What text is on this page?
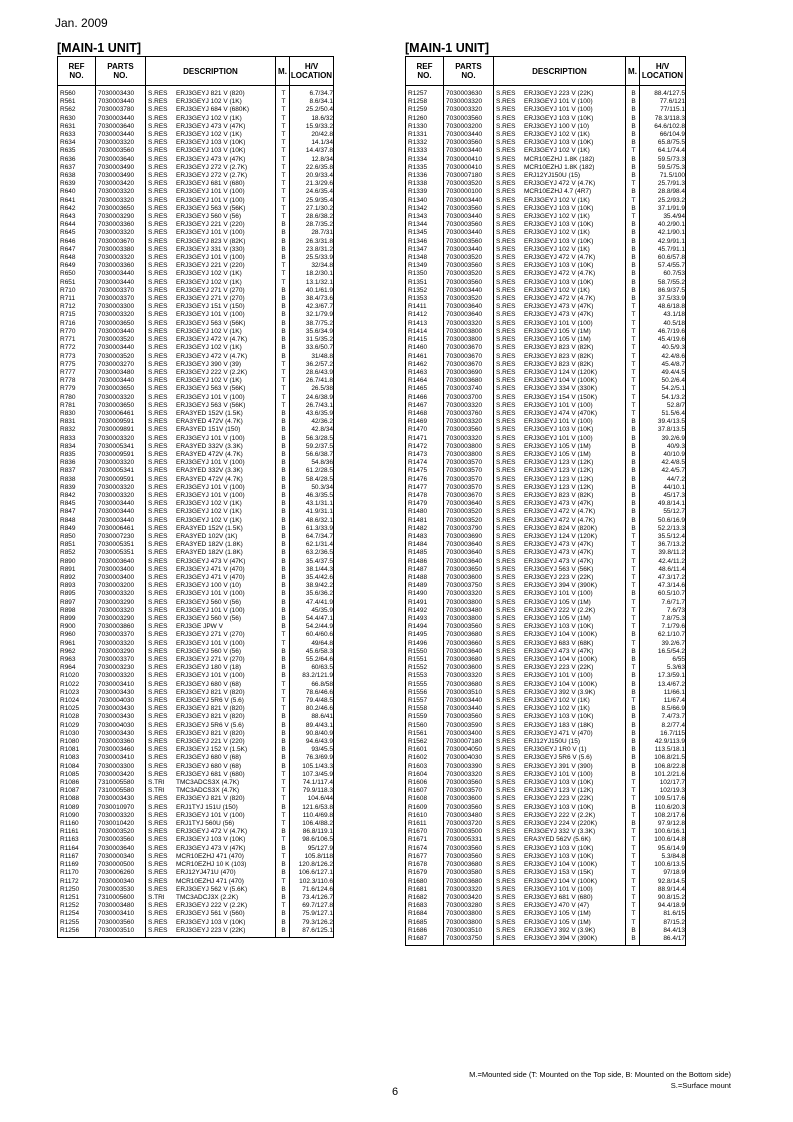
Jan. 2009
[MAIN-1 UNIT]	[MAIN-1 UNIT]
REF
NO.	PARTS
NO.	DESCRIPTION	M.	H/V
LOCATION
R560	7030003430	S.RES ERJ3GEYJ 821 V (820)	T	6.7/34.7
R561	7030003440	S.RES ERJ3GEYJ 102 V (1K)	T	8.6/34.1
R562	7030003780	S.RES ERJ3GEYJ 684 V (680K)	T	25.2/50.4
R630	7030003440	S.RES ERJ3GEYJ 102 V (1K)	T	18.6/32
R631	7030003640	S.RES ERJ3GEYJ 473 V (47K)	T	15.9/33.2
R633	7030003440	S.RES ERJ3GEYJ 102 V (1K)	T	20/42.8
R634	7030003320	S.RES ERJ3GEYJ 103 V (10K)	T	14.1/34
R635	7030003560	S.RES ERJ3GEYJ 103 V (10K)	T	14.4/37.8
R636	7030003640	S.RES ERJ3GEYJ 473 V (47K)	T	12.8/34
R637	7030003490	S.RES ERJ3GEYJ 272 V (2.7K)	T	22.6/35.8
R638	7030003490	S.RES ERJ3GEYJ 272 V (2.7K)	T	20.9/33.4
R639	7030003420	S.RES ERJ3GEYJ 681 V (680)	T	21.3/29.6
R640	7030003320	S.RES ERJ3GEYJ 101 V (100)	T	24.6/35.4
R641	7030003320	S.RES ERJ3GEYJ 101 V (100)	T	25.9/35.4
R642	7030003650	S.RES ERJ3GEYJ 563 V (56K)	T	27.1/30.2
R643	7030003290	S.RES ERJ3GEYJ 560 V (56)	T	28.6/38.2
R644	7030003360	S.RES ERJ3GEYJ 221 V (220)	B	28.7/35.2
R645	7030003320	S.RES ERJ3GEYJ 101 V (100)	B	28.7/31
R646	7030003670	S.RES ERJ3GEYJ 823 V (82K)	B	26.3/31.8
R647	7030003380	S.RES ERJ3GEYJ 331 V (330)	B	23.8/31.2
R648	7030003320	S.RES ERJ3GEYJ 101 V (100)	B	25.5/33.9
R649	7030003360	S.RES ERJ3GEYJ 221 V (220)	T	32/34.8
R650	7030003440	S.RES ERJ3GEYJ 102 V (1K)	T	18.2/30.1
R651	7030003440	S.RES ERJ3GEYJ 102 V (1K)	T	13.1/32.1
R710	7030003370	S.RES ERJ3GEYJ 271 V (270)	B	40.1/61.9
R711	7030003370	S.RES ERJ3GEYJ 271 V (270)	B	38.4/73.6
R712	7030003300	S.RES ERJ3GEYJ 151 V (150)	B	42.3/67.7
R715	7030003320	S.RES ERJ3GEYJ 101 V (100)	B	32.1/79.9
R716	7030003650	S.RES ERJ3GEYJ 563 V (56K)	B	38.7/75.2
R770	7030003440	S.RES ERJ3GEYJ 102 V (1K)	B	35.6/34.9
R771	7030003520	S.RES ERJ3GEYJ 472 V (4.7K)	B	31.5/35.2
R772	7030003440	S.RES ERJ3GEYJ 102 V (1K)	B	33.6/50.7
R773	7030003520	S.RES ERJ3GEYJ 472 V (4.7K)	B	31/48.8
R775	7030003270	S.RES ERJ3GEYJ 390 V (39)	T	36.2/57.2
R777	7030003480	S.RES ERJ3GEYJ 222 V (2.2K)	T	28.6/43.9
R778	7030003440	S.RES ERJ3GEYJ 102 V (1K)	T	26.7/41.8
R779	7030003650	S.RES ERJ3GEYJ 563 V (56K)	T	26.5/38
R780	7030003320	S.RES ERJ3GEYJ 101 V (100)	T	24.6/38.9
R781	7030003650	S.RES ERJ3GEYJ 563 V (56K)	T	26.7/43.1
R830	7030006461	S.RES ERA3YED 152V (1.5K)	B	43.6/35.9
R831	7030009591	S.RES ERA3YED 472V (4.7K)	B	42/36.2
R832	7030009891	S.RES ERA3YED 151V (150)	B	42.8/34
R833	7030003320	S.RES ERJ3GEYJ 101 V (100)	B	56.3/28.5
R834	7030005341	S.RES ERA3YED 332V (3.3K)	B	59.2/37.5
R835	7030009591	S.RES ERA3YED 472V (4.7K)	B	56.6/38.7
R836	7030003320	S.RES ERJ3GEYJ 101 V (100)	B	54.8/36
R837	7030005341	S.RES ERA3YED 332V (3.3K)	B	61.2/28.5
R838	7030009591	S.RES ERA3YED 472V (4.7K)	B	58.4/28.5
R839	7030003320	S.RES ERJ3GEYJ 101 V (100)	B	50.3/34
R842	7030003320	S.RES ERJ3GEYJ 101 V (100)	B	46.3/35.5
R845	7030003440	S.RES ERJ3GEYJ 102 V (1K)	B	43.1/31.1
R847	7030003440	S.RES ERJ3GEYJ 102 V (1K)	B	41.9/31.1
R848	7030003440	S.RES ERJ3GEYJ 102 V (1K)	B	48.6/32.1
R849	7030006461	S.RES ERA3YED 152V (1.5K)	B	61.3/33.9
R850	7030007230	S.RES ERA3YED 102V (1K)	B	64.7/34.7
R851	7030005351	S.RES ERA3YED 182V (1.8K)	B	62.1/31.4
R852	7030005351	S.RES ERA3YED 182V (1.8K)	B	63.2/36.5
R890	7030003640	S.RES ERJ3GEYJ 473 V (47K)	B	35.4/37.5
R891	7030003400	S.RES ERJ3GEYJ 471 V (470)	B	38.1/44.3
R892	7030003400	S.RES ERJ3GEYJ 471 V (470)	B	35.4/42.6
R893	7030003200	S.RES ERJ3GEYJ 100 V (10)	B	38.9/42.2
R895	7030003320	S.RES ERJ3GEYJ 101 V (100)	B	35.6/36.2
R897	7030003290	S.RES ERJ3GEYJ 560 V (56)	B	47.4/41.9
R898	7030003320	S.RES ERJ3GEYJ 101 V (100)	B	45/35.9
R899	7030003290	S.RES ERJ3GEYJ 560 V (56)	B	54.4/47.1
R900	7030003860	S.RES ERJ3GE JPW V	B	54.2/44.9
R960	7030003370	S.RES ERJ3GEYJ 271 V (270)	T	60.4/60.6
R961	7030003320	S.RES ERJ3GEYJ 101 V (100)	T	49/64.8
R962	7030003290	S.RES ERJ3GEYJ 560 V (56)	B	45.6/58.3
R963	7030003370	S.RES ERJ3GEYJ 271 V (270)	B	55.2/64.6
R964	7030003230	S.RES ERJ3GEYJ 180 V (18)	B	60/63.5
R1020	7030003320	S.RES ERJ3GEYJ 101 V (100)	B	83.2/121.9
R1022	7030003410	S.RES ERJ3GEYJ 680 V (68)	T	66.8/58
R1023	7030003430	S.RES ERJ3GEYJ 821 V (820)	T	78.6/46.6
R1024	7030004030	S.RES ERJ3GEYJ 5R6 V (5.6)	T	79.4/48.5
R1025	7030003430	S.RES ERJ3GEYJ 821 V (820)	T	80.2/46.6
R1028	7030003430	S.RES ERJ3GEYJ 821 V (820)	B	88.6/41
R1029	7030004030	S.RES ERJ3GEYJ 5R6 V (5.6)	B	89.4/43.1
R1030	7030003430	S.RES ERJ3GEYJ 821 V (820)	B	90.8/40.9
R1080	7030003360	S.RES ERJ3GEYJ 221 V (220)	B	94.6/43.9
R1081	7030003460	S.RES ERJ3GEYJ 152 V (1.5K)	B	93/45.5
R1083	7030003410	S.RES ERJ3GEYJ 680 V (68)	B	76.3/69.9
R1084	7030003300	S.RES ERJ3GEYJ 680 V (68)	B	105.1/43.3
R1085	7030003420	S.RES ERJ3GEYJ 681 V (680)	T	107.3/45.9
R1086	7310005580	S.TRI TMC3ADCS3X (4.7K)	T	74.1/117.4
R1087	7310005580	S.TRI TMC3ADCS3X (4.7K)	T	79.9/118.3
R1088	7030003430	S.RES ERJ3GEYJ 821 V (820)	T	104.6/44
R1089	7030010970	S.RES ERJ1TYJ 151U (150)	B	121.6/53.8
R1090	7030003320	S.RES ERJ3GEYJ 101 V (100)	T	110.4/69.8
R1160	7030010420	S.RES ERJ1TYJ 560U (56)	T	106.4/88.2
R1161	7030003520	S.RES ERJ3GEYJ 472 V (4.7K)	B	86.8/119.1
R1163	7030003560	S.RES ERJ3GEYJ 103 V (10K)	T	98.6/106.5
R1164	7030003640	S.RES ERJ3GEYJ 473 V (47K)	B	95/127.9
R1167	7030000340	S.RES MCR10EZHJ 471 (470)	T	105.8/118
R1169	7030000500	S.RES MCR10EZHJ 10 K (103)	B	120.8/126.2
R1170	7030006260	S.RES ERJ12YJ471U (470)	B	106.6/127.1
R1172	7030000340	S.RES MCR10EZHJ 471 (470)	T	102.3/110.6
R1250	7030003530	S.RES ERJ3GEYJ 562 V (5.6K)	B	71.6/124.6
R1251	7310005600	S.TRI TMC3ADCJ3X (2.2K)	B	73.4/126.7
R1252	7030003480	S.RES ERJ3GEYJ 222 V (2.2K)	T	69.7/127.8
R1254	7030003410	S.RES ERJ3GEYJ 561 V (560)	B	75.9/127.1
R1255	7030003560	S.RES ERJ3GEYJ 103 V (10K)	B	79.3/126.2
R1256	7030003510	S.RES ERJ3GEYJ 223 V (22K)	B	87.6/125.1
REF
NO.	PARTS
NO.	DESCRIPTION	M.	H/V
LOCATION
R1257	7030003630	S.RES ERJ3GEYJ 223 V (22K)	B	88.4/127.5
R1258	7030003320	S.RES ERJ3GEYJ 101 V (100)	B	77.6/121
R1259	7030003320	S.RES ERJ3GEYJ 101 V (100)	B	77/115.1
R1260	7030003560	S.RES ERJ3GEYJ 103 V (10K)	B	78.3/118.3
R1330	7030003200	S.RES ERJ3GEYJ 100 V (10)	B	64.6/102.8
R1331	7030003440	S.RES ERJ3GEYJ 102 V (1K)	B	66/104.9
R1332	7030003560	S.RES ERJ3GEYJ 103 V (10K)	B	65.8/75.5
R1333	7030003440	S.RES ERJ3GEYJ 102 V (1K)	T	64.1/74.4
R1334	7030000410	S.RES MCR10EZHJ 1.8K (182)	B	59.5/73.3
R1335	7030000410	S.RES MCR10EZHJ 1.8K (182)	B	59.5/75.3
R1336	7030007180	S.RES ERJ12YJ150U (15)	B	71.5/100
R1338	7030003520	S.RES ERJ3GEYJ 472 V (4.7K)	T	25.7/91.3
R1339	7030000100	S.RES MCR10EZHJ 4.7 (4R7)	B	28.8/98.4
R1340	7030003440	S.RES ERJ3GEYJ 102 V (1K)	T	25.2/93.2
R1342	7030003560	S.RES ERJ3GEYJ 103 V (10K)	B	37.1/91.9
R1343	7030003440	S.RES ERJ3GEYJ 102 V (1K)	T	35.4/94
R1344	7030003560	S.RES ERJ3GEYJ 103 V (10K)	B	40.2/90.1
R1345	7030003440	S.RES ERJ3GEYJ 102 V (1K)	B	42.1/90.1
R1346	7030003560	S.RES ERJ3GEYJ 103 V (10K)	B	42.9/91.1
R1347	7030003440	S.RES ERJ3GEYJ 102 V (1K)	B	45.7/91.1
R1348	7030003520	S.RES ERJ3GEYJ 472 V (4.7K)	B	60.6/57.8
R1349	7030003560	S.RES ERJ3GEYJ 103 V (10K)	B	57.4/55.7
R1350	7030003520	S.RES ERJ3GEYJ 472 V (4.7K)	B	60.7/53
R1351	7030003560	S.RES ERJ3GEYJ 103 V (10K)	B	58.7/55.2
R1352	7030003440	S.RES ERJ3GEYJ 102 V (1K)	B	86.9/37.5
R1353	7030003520	S.RES ERJ3GEYJ 472 V (4.7K)	B	37.5/33.9
R1411	7030003640	S.RES ERJ3GEYJ 473 V (47K)	T	48.6/18.8
R1412	7030003640	S.RES ERJ3GEYJ 473 V (47K)	T	43.1/18
R1413	7030003320	S.RES ERJ3GEYJ 101 V (100)	T	40.5/18
R1414	7030003800	S.RES ERJ3GEYJ 105 V (1M)	T	46.7/19.6
R1415	7030003800	S.RES ERJ3GEYJ 105 V (1M)	T	45.4/19.6
R1460	7030003670	S.RES ERJ3GEYJ 823 V (82K)	T	40.5/9.3
R1461	7030003670	S.RES ERJ3GEYJ 823 V (82K)	T	42.4/8.6
R1462	7030003670	S.RES ERJ3GEYJ 823 V (82K)	T	45.4/8.7
R1463	7030003690	S.RES ERJ3GEYJ 124 V (120K)	T	49.4/4.5
R1464	7030003680	S.RES ERJ3GEYJ 104 V (100K)	T	50.2/6.4
R1465	7030003740	S.RES ERJ3GEYJ 334 V (330K)	T	54.2/5.1
R1466	7030003700	S.RES ERJ3GEYJ 154 V (150K)	T	54.1/3.2
R1467	7030003320	S.RES ERJ3GEYJ 101 V (100)	T	52.8/7
R1468	7030003760	S.RES ERJ3GEYJ 474 V (470K)	T	51.5/6.4
R1469	7030003320	S.RES ERJ3GEYJ 101 V (100)	B	39.4/13.5
R1470	7030003560	S.RES ERJ3GEYJ 103 V (10K)	B	37.8/13.5
R1471	7030003320	S.RES ERJ3GEYJ 101 V (100)	B	39.2/6.9
R1472	7030003800	S.RES ERJ3GEYJ 105 V (1M)	B	40/9.3
R1473	7030003800	S.RES ERJ3GEYJ 105 V (1M)	B	40/10.9
R1474	7030003570	S.RES ERJ3GEYJ 123 V (12K)	B	42.4/8.5
R1475	7030003570	S.RES ERJ3GEYJ 123 V (12K)	B	42.4/5.7
R1476	7030003570	S.RES ERJ3GEYJ 123 V (12K)	B	44/7.2
R1477	7030003570	S.RES ERJ3GEYJ 123 V (12K)	B	44/10.1
R1478	7030003670	S.RES ERJ3GEYJ 823 V (82K)	B	45/17.3
R1479	7030003640	S.RES ERJ3GEYJ 473 V (47K)	B	49.8/14.1
R1480	7030003520	S.RES ERJ3GEYJ 472 V (4.7K)	B	55/12.7
R1481	7030003520	S.RES ERJ3GEYJ 472 V (4.7K)	B	50.6/16.9
R1482	7030003790	S.RES ERJ3GEYJ 824 V (820K)	B	52.2/13.3
R1483	7030003690	S.RES ERJ3GEYJ 124 V (120K)	T	35.5/12.4
R1484	7030003640	S.RES ERJ3GEYJ 473 V (47K)	T	36.7/13.2
R1485	7030003640	S.RES ERJ3GEYJ 473 V (47K)	T	39.8/11.2
R1486	7030003640	S.RES ERJ3GEYJ 473 V (47K)	T	42.4/11.2
R1487	7030003650	S.RES ERJ3GEYJ 563 V (56K)	T	48.6/11.4
R1488	7030003600	S.RES ERJ3GEYJ 223 V (22K)	T	47.3/17.2
R1489	7030003750	S.RES ERJ3GEYJ 394 V (390K)	T	47.3/14.6
R1490	7030003320	S.RES ERJ3GEYJ 101 V (100)	B	60.5/10.7
R1491	7030003800	S.RES ERJ3GEYJ 105 V (1M)	T	7.6/71.7
R1492	7030003480	S.RES ERJ3GEYJ 222 V (2.2K)	T	7.6/73
R1493	7030003800	S.RES ERJ3GEYJ 105 V (1M)	T	7.8/75.3
R1494	7030003560	S.RES ERJ3GEYJ 103 V (10K)	T	7.1/79.6
R1495	7030003680	S.RES ERJ3GEYJ 104 V (100K)	B	62.1/10.7
R1496	7030003660	S.RES ERJ3GEYJ 683 V (68K)	T	39.2/6.7
R1550	7030003640	S.RES ERJ3GEYJ 473 V (47K)	B	16.5/54.2
R1551	7030003680	S.RES ERJ3GEYJ 104 V (100K)	B	6/55
R1552	7030003600	S.RES ERJ3GEYJ 223 V (22K)	T	5.3/63
R1553	7030003320	S.RES ERJ3GEYJ 101 V (100)	B	17.3/59.1
R1555	7030003680	S.RES ERJ3GEYJ 104 V (100K)	B	13.4/67.2
R1556	7030003510	S.RES ERJ3GEYJ 392 V (3.9K)	B	11/66.1
R1557	7030003440	S.RES ERJ3GEYJ 102 V (1K)	T	11/67.4
R1558	7030003440	S.RES ERJ3GEYJ 102 V (1K)	B	8.5/66.9
R1559	7030003560	S.RES ERJ3GEYJ 103 V (10K)	B	7.4/73.7
R1560	7030003590	S.RES ERJ3GEYJ 183 V (18K)	B	8.2/77.4
R1561	7030003400	S.RES ERJ3GEYJ 471 V (470)	B	16.7/115
R1562	7030007180	S.RES ERJ12YJ150U (15)	B	42.9/113.9
R1601	7030004050	S.RES ERJ3GEYJ 1R0 V (1)	B	113.5/18.1
R1602	7030004030	S.RES ERJ3GEYJ 5R6 V (5.6)	B	106.8/21.5
R1603	7030003390	S.RES ERJ3GEYJ 391 V (390)	B	106.8/22.8
R1604	7030003320	S.RES ERJ3GEYJ 101 V (100)	B	101.2/21.6
R1606	7030003560	S.RES ERJ3GEYJ 103 V (10K)	T	102/17.7
R1607	7030003570	S.RES ERJ3GEYJ 123 V (12K)	T	102/19.3
R1608	7030003600	S.RES ERJ3GEYJ 223 V (22K)	T	109.5/17.6
R1609	7030003560	S.RES ERJ3GEYJ 103 V (10K)	B	110.6/20.3
R1610	7030003480	S.RES ERJ3GEYJ 222 V (2.2K)	T	108.2/17.6
R1611	7030003720	S.RES ERJ3GEYJ 224 V (220K)	B	97.9/12.8
R1670	7030003500	S.RES ERJ3GEYJ 332 V (3.3K)	T	100.6/16.1
R1671	7030005331	S.RES ERA3YED 562V (5.6K)	T	100.6/14.8
R1674	7030003560	S.RES ERJ3GEYJ 103 V (10K)	T	95.6/14.9
R1677	7030003560	S.RES ERJ3GEYJ 103 V (10K)	T	5.3/84.8
R1678	7030003680	S.RES ERJ3GEYJ 104 V (100K)	T	100.6/13.5
R1679	7030003580	S.RES ERJ3GEYJ 153 V (15K)	T	97/18.9
R1680	7030003680	S.RES ERJ3GEYJ 104 V (100K)	T	92.8/14.5
R1681	7030003320	S.RES ERJ3GEYJ 101 V (100)	T	88.9/14.4
R1682	7030003420	S.RES ERJ3GEYJ 681 V (680)	T	90.8/15.2
R1683	7030003280	S.RES ERJ3GEYJ 470 V (47)	T	94.4/18.9
R1684	7030003800	S.RES ERJ3GEYJ 105 V (1M)	T	81.6/15
R1685	7030003800	S.RES ERJ3GEYJ 105 V (1M)	T	87/15.2
R1686	7030003510	S.RES ERJ3GEYJ 392 V (3.9K)	B	84.4/13
R1687	7030003750	S.RES ERJ3GEYJ 394 V (390K)	B	86.4/17
M.=Mounted side (T: Mounted on the Top side, B: Mounted on the Bottom side)
S.=Surface mount
6
